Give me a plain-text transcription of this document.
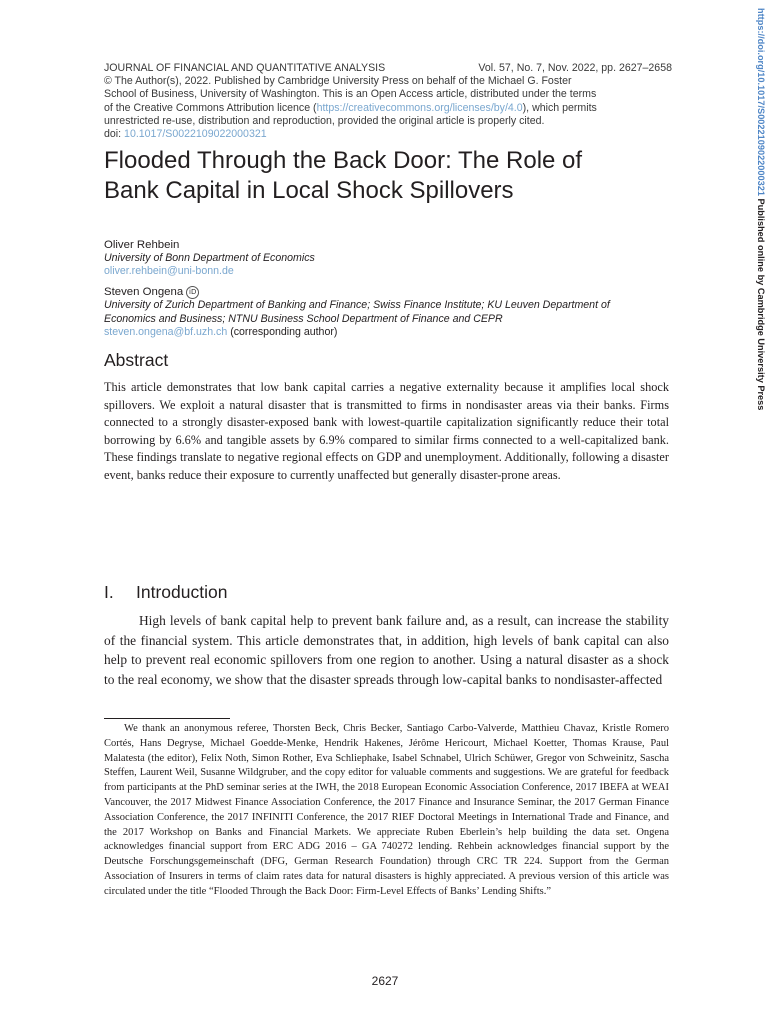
JOURNAL OF FINANCIAL AND QUANTITATIVE ANALYSIS	Vol. 57, No. 7, Nov. 2022, pp. 2627–2658
© The Author(s), 2022. Published by Cambridge University Press on behalf of the Michael G. Foster
School of Business, University of Washington. This is an Open Access article, distributed under the terms
of the Creative Commons Attribution licence (https://creativecommons.org/licenses/by/4.0), which permits
unrestricted re-use, distribution and reproduction, provided the original article is properly cited.
doi: 10.1017/S0022109022000321
Flooded Through the Back Door: The Role of
Bank Capital in Local Shock Spillovers
Oliver Rehbein
University of Bonn Department of Economics
oliver.rehbein@uni-bonn.de
Steven Ongena iD
University of Zurich Department of Banking and Finance; Swiss Finance Institute; KU Leuven Department of
Economics and Business; NTNU Business School Department of Finance and CEPR
steven.ongena@bf.uzh.ch (corresponding author)
Abstract

This article demonstrates that low bank capital carries a negative externality because it amplifies local shock spillovers. We exploit a natural disaster that is transmitted to firms in nondisaster areas via their banks. Firms connected to a strongly disaster-exposed bank with lowest-quartile capitalization significantly reduce their total borrowing by 6.6% and tangible assets by 6.9% compared to similar firms connected to a well-capitalized bank. These findings translate to negative regional effects on GDP and unemployment. Additionally, following a disaster event, banks reduce their exposure to currently unaffected but generally disaster-prone areas.

I. Introduction

High levels of bank capital help to prevent bank failure and, as a result, can increase the stability of the financial system. This article demonstrates that, in addition, high levels of bank capital can also help to prevent real economic spillovers from one region to another. Using a natural disaster as a shock to the real economy, we show that the disaster spreads through low-capital banks to nondisaster-affected

We thank an anonymous referee, Thorsten Beck, Chris Becker, Santiago Carbo-Valverde, Matthieu Chavaz, Kristle Romero Cortés, Hans Degryse, Michael Goedde-Menke, Hendrik Hakenes, Jérôme Hericourt, Michael Koetter, Thomas Krause, Paul Malatesta (the editor), Felix Noth, Simon Rother, Eva Schliephake, Isabel Schnabel, Ulrich Schüwer, Gregor von Schweinitz, Sascha Steffen, Laurent Weil, Susanne Wildgruber, and the copy editor for valuable comments and suggestions. We are grateful for feedback from participants at the PhD seminar series at the IWH, the 2018 European Economic Association Conference, 2017 IBEFA at WEAI Vancouver, the 2017 Midwest Finance Association Conference, the 2017 Finance and Insurance Seminar, the 2017 German Finance Association Conference, the 2017 INFINITI Conference, the 2017 RIEF Doctoral Meetings in International Trade and Finance, and the 2017 Workshop on Banks and Financial Markets. We appreciate Ruben Eberlein’s help building the data set. Ongena acknowledges financial support from ERC ADG 2016 – GA 740272 lending. Rehbein acknowledges financial support by the Deutsche Forschungsgemeinschaft (DFG, German Research Foundation) through CRC TR 224. Support from the German Association of Insurers in terms of claim rates data for natural disasters is highly appreciated. A previous version of this article was circulated under the title “Flooded Through the Back Door: Firm-Level Effects of Banks’ Lending Shifts.”

2627
https://doi.org/10.1017/S0022109022000321 Published online by Cambridge University Press
